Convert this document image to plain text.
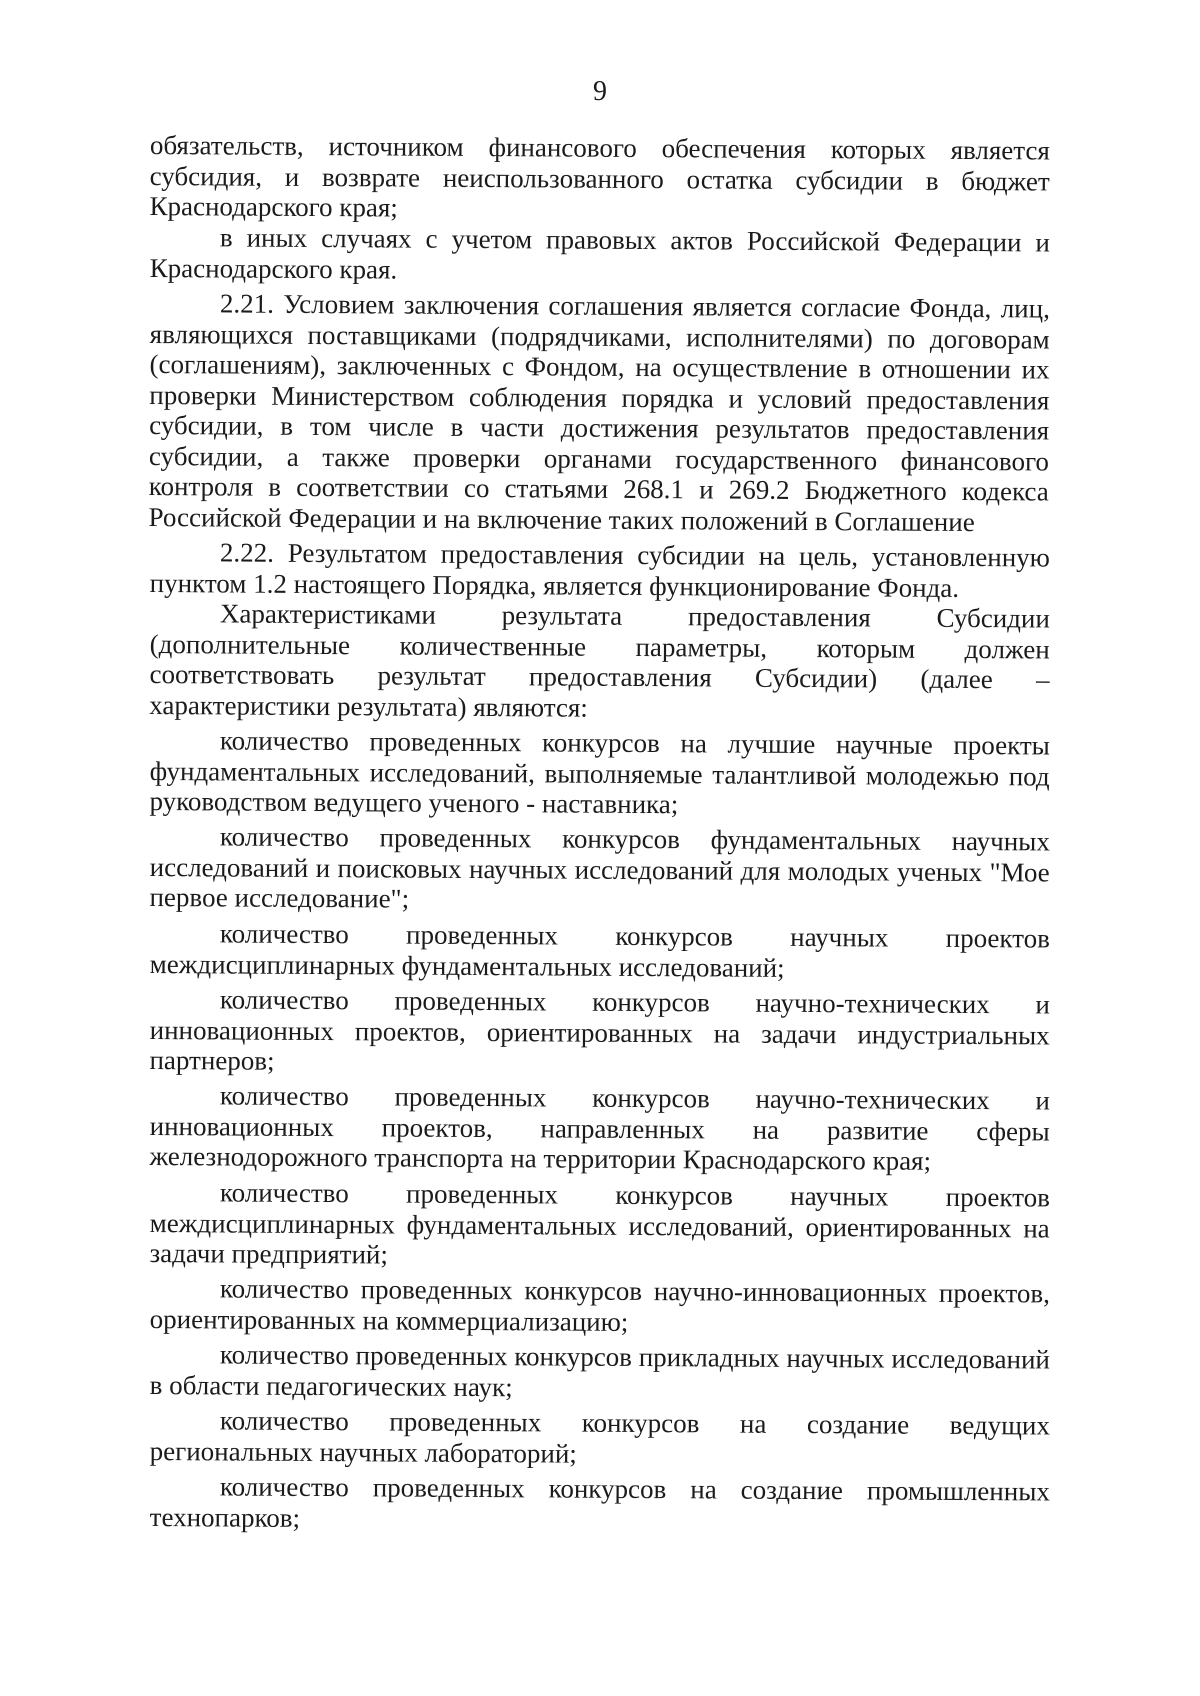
9

обязательств, источником финансового обеспечения которых является субсидия, и возврате неиспользованного остатка субсидии в бюджет Краснодарского края;

в иных случаях с учетом правовых актов Российской Федерации и Краснодарского края.

2.21. Условием заключения соглашения является согласие Фонда, лиц, являющихся поставщиками (подрядчиками, исполнителями) по договорам (соглашениям), заключенных с Фондом, на осуществление в отношении их проверки Министерством соблюдения порядка и условий предоставления субсидии, в том числе в части достижения результатов предоставления субсидии, а также проверки органами государственного финансового контроля в соответствии со статьями 268.1 и 269.2 Бюджетного кодекса Российской Федерации и на включение таких положений в Соглашение

2.22. Результатом предоставления субсидии на цель, установленную пунктом 1.2 настоящего Порядка, является функционирование Фонда.

Характеристиками результата предоставления Субсидии (дополнительные количественные параметры, которым должен соответствовать результат предоставления Субсидии) (далее – характеристики результата) являются:

количество проведенных конкурсов на лучшие научные проекты фундаментальных исследований, выполняемые талантливой молодежью под руководством ведущего ученого - наставника;

количество проведенных конкурсов фундаментальных научных исследований и поисковых научных исследований для молодых ученых "Мое первое исследование";

количество проведенных конкурсов научных проектов междисциплинарных фундаментальных исследований;

количество проведенных конкурсов научно-технических и инновационных проектов, ориентированных на задачи индустриальных партнеров;

количество проведенных конкурсов научно-технических и инновационных проектов, направленных на развитие сферы железнодорожного транспорта на территории Краснодарского края;

количество проведенных конкурсов научных проектов междисциплинарных фундаментальных исследований, ориентированных на задачи предприятий;

количество проведенных конкурсов научно-инновационных проектов, ориентированных на коммерциализацию;

количество проведенных конкурсов прикладных научных исследований в области педагогических наук;

количество проведенных конкурсов на создание ведущих региональных научных лабораторий;

количество проведенных конкурсов на создание промышленных технопарков;
